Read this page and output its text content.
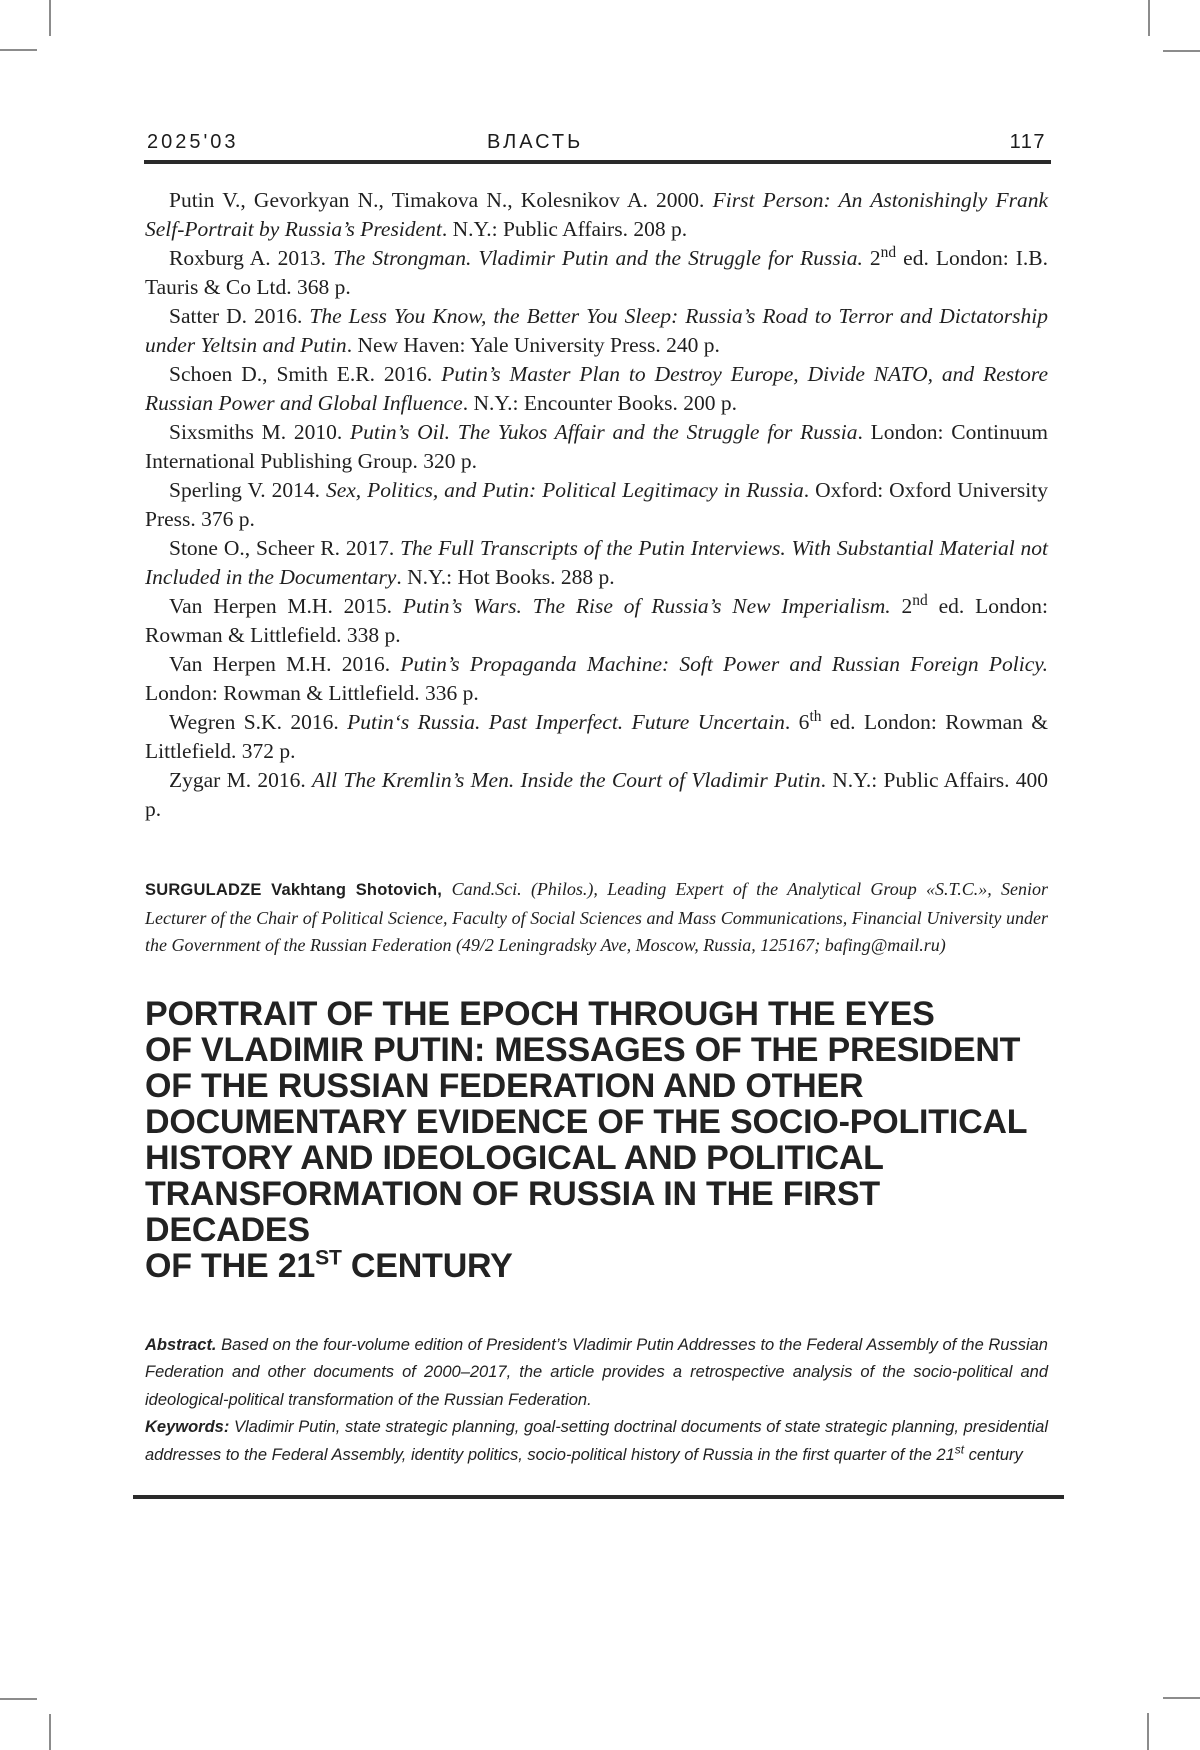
2025'03	ВЛАСТЬ	117

Putin V., Gevorkyan N., Timakova N., Kolesnikov A. 2000. First Person: An Astonishingly Frank Self-Portrait by Russia’s President. N.Y.: Public Affairs. 208 p.

Roxburg A. 2013. The Strongman. Vladimir Putin and the Struggle for Russia. 2nd ed. London: I.B. Tauris & Co Ltd. 368 p.

Satter D. 2016. The Less You Know, the Better You Sleep: Russia’s Road to Terror and Dictatorship under Yeltsin and Putin. New Haven: Yale University Press. 240 p.

Schoen D., Smith E.R. 2016. Putin’s Master Plan to Destroy Europe, Divide NATO, and Restore Russian Power and Global Influence. N.Y.: Encounter Books. 200 p.

Sixsmiths M. 2010. Putin’s Oil. The Yukos Affair and the Struggle for Russia. London: Continuum International Publishing Group. 320 p.

Sperling V. 2014. Sex, Politics, and Putin: Political Legitimacy in Russia. Oxford: Oxford University Press. 376 p.

Stone O., Scheer R. 2017. The Full Transcripts of the Putin Interviews. With Substantial Material not Included in the Documentary. N.Y.: Hot Books. 288 p.

Van Herpen M.H. 2015. Putin’s Wars. The Rise of Russia’s New Imperialism. 2nd ed. London: Rowman & Littlefield. 338 p.

Van Herpen M.H. 2016. Putin’s Propaganda Machine: Soft Power and Russian Foreign Policy. London: Rowman & Littlefield. 336 p.

Wegren S.K. 2016. Putin‘s Russia. Past Imperfect. Future Uncertain. 6th ed. London: Rowman & Littlefield. 372 p.

Zygar M. 2016. All The Kremlin’s Men. Inside the Court of Vladimir Putin. N.Y.: Public Affairs. 400 p.

SURGULADZE Vakhtang Shotovich, Cand.Sci. (Philos.), Leading Expert of the Analytical Group «S.T.C.», Senior Lecturer of the Chair of Political Science, Faculty of Social Sciences and Mass Communications, Financial University under the Government of the Russian Federation (49/2 Leningradsky Ave, Moscow, Russia, 125167; bafing@mail.ru)

PORTRAIT OF THE EPOCH THROUGH THE EYES
OF VLADIMIR PUTIN: MESSAGES OF THE PRESIDENT
OF THE RUSSIAN FEDERATION AND OTHER
DOCUMENTARY EVIDENCE OF THE SOCIO-POLITICAL
HISTORY AND IDEOLOGICAL AND POLITICAL
TRANSFORMATION OF RUSSIA IN THE FIRST DECADES
OF THE 21ST CENTURY

Abstract. Based on the four-volume edition of President’s Vladimir Putin Addresses to the Federal Assembly of the Russian Federation and other documents of 2000–2017, the article provides a retrospective analysis of the socio-political and ideological-political transformation of the Russian Federation.

Keywords: Vladimir Putin, state strategic planning, goal-setting doctrinal documents of state strategic planning, presidential addresses to the Federal Assembly, identity politics, socio-political history of Russia in the first quarter of the 21st century
